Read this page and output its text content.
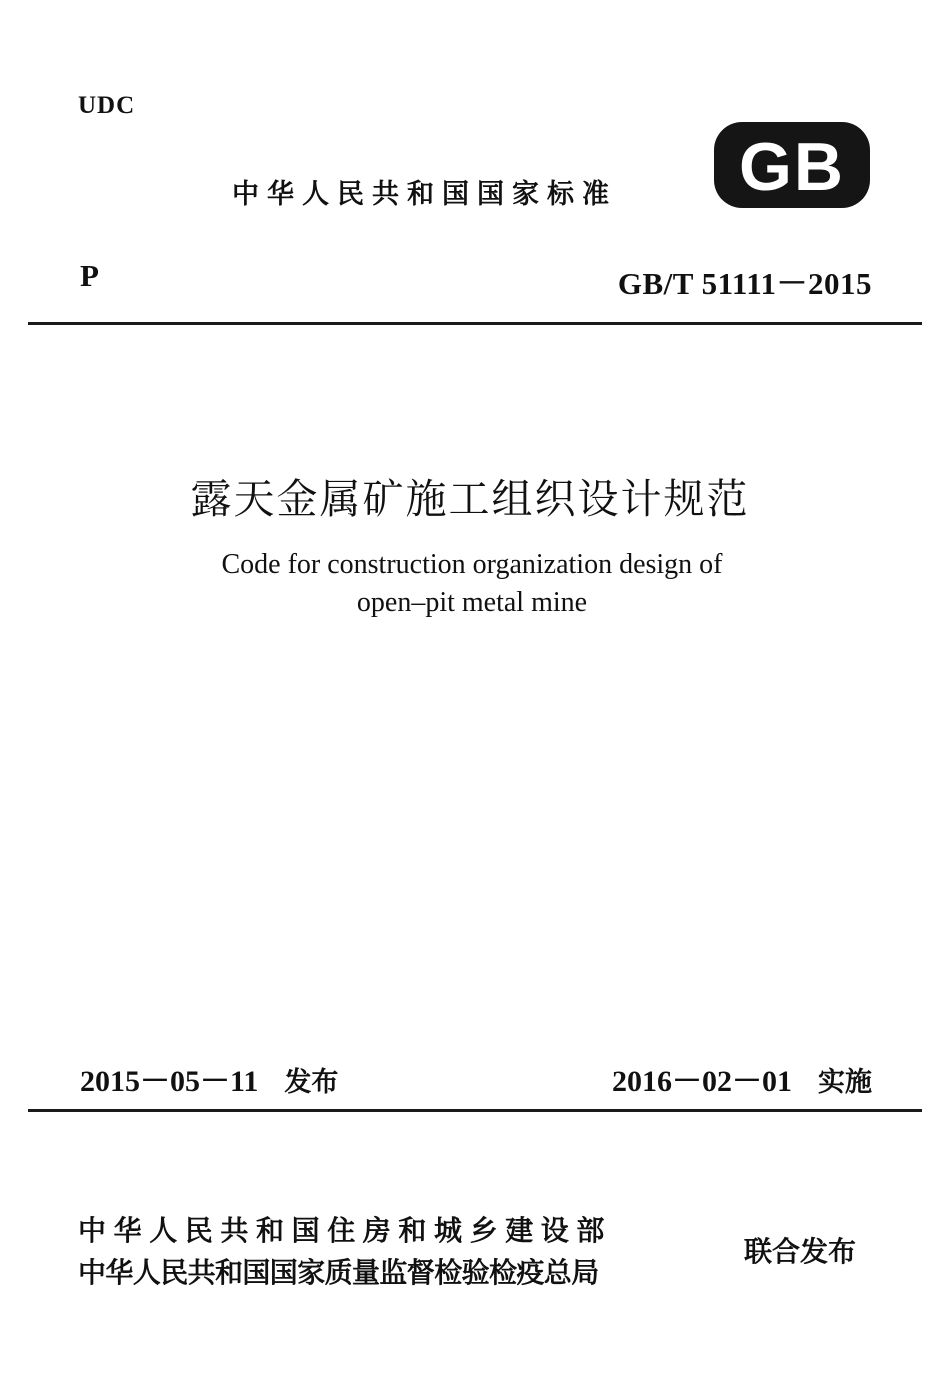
UDC
中华人民共和国国家标准 GB
P	GB/T 51111－2015
露天金属矿施工组织设计规范
Code for construction organization design of
open–pit metal mine
2015－05－11 发布	2016－02－01 实施
中华人民共和国住房和城乡建设部
中华人民共和国国家质量监督检验检疫总局
联合发布
